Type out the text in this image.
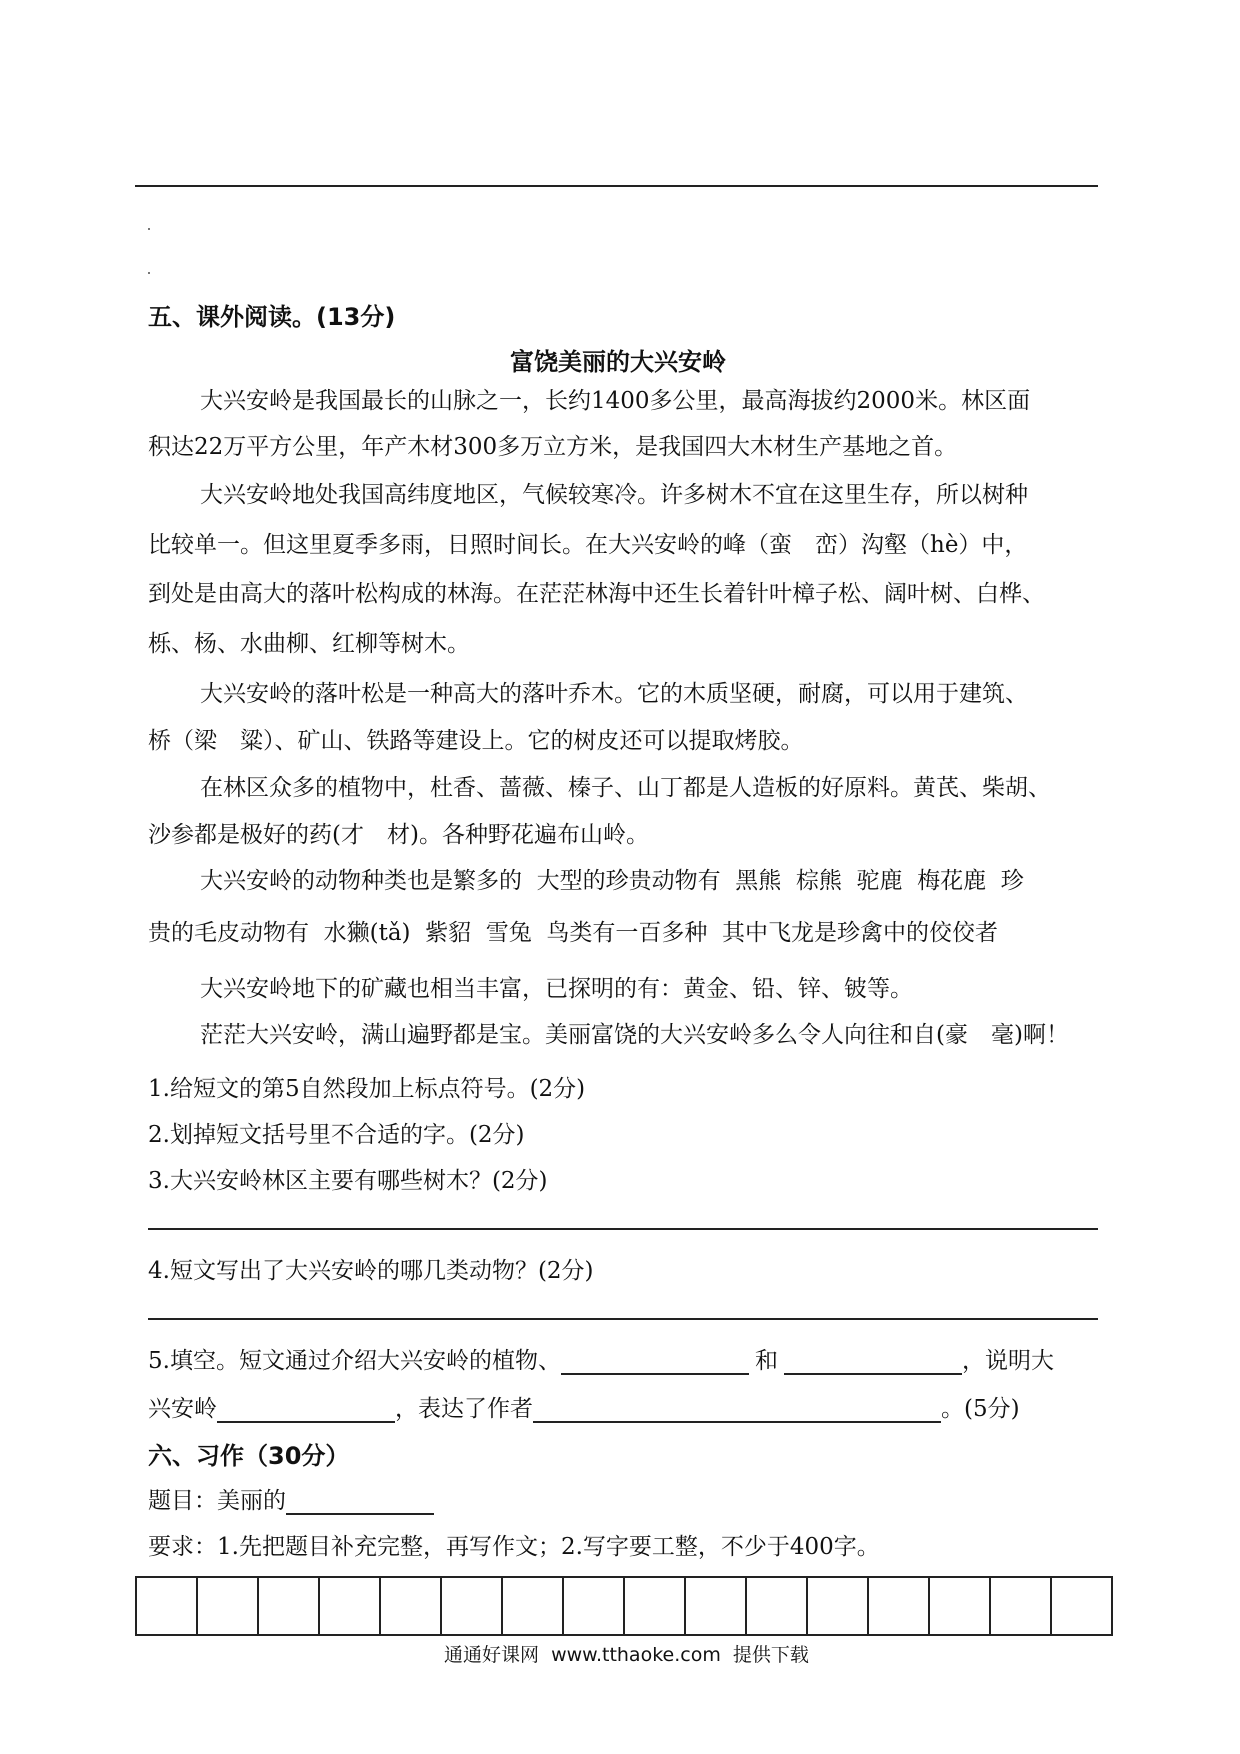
五、课外阅读。(13分)
富饶美丽的大兴安岭
大兴安岭是我国最长的山脉之一，长约1400多公里，最高海拔约2000米。林区面
积达22万平方公里，年产木材300多万立方米，是我国四大木材生产基地之首。
大兴安岭地处我国高纬度地区，气候较寒冷。许多树木不宜在这里生存，所以树种
比较单一。但这里夏季多雨，日照时间长。在大兴安岭的峰（蛮　峦）沟壑（hè）中，
到处是由高大的落叶松构成的林海。在茫茫林海中还生长着针叶樟子松、阔叶树、白桦、
栎、杨、水曲柳、红柳等树木。
大兴安岭的落叶松是一种高大的落叶乔木。它的木质坚硬，耐腐，可以用于建筑、
桥（梁　粱）、矿山、铁路等建设上。它的树皮还可以提取烤胶。
在林区众多的植物中，杜香、蔷薇、榛子、山丁都是人造板的好原料。黄芪、柴胡、
沙参都是极好的药(才　材)。各种野花遍布山岭。
大兴安岭的动物种类也是繁多的  大型的珍贵动物有  黑熊  棕熊  驼鹿  梅花鹿  珍
贵的毛皮动物有  水獭(tǎ)  紫貂  雪兔  鸟类有一百多种  其中飞龙是珍禽中的佼佼者
大兴安岭地下的矿藏也相当丰富，已探明的有：黄金、铅、锌、铍等。
茫茫大兴安岭，满山遍野都是宝。美丽富饶的大兴安岭多么令人向往和自(豪　毫)啊！
1.给短文的第5自然段加上标点符号。(2分)
2.划掉短文括号里不合适的字。(2分)
3.大兴安岭林区主要有哪些树木？(2分)
4.短文写出了大兴安岭的哪几类动物？(2分)
5.填空。短文通过介绍大兴安岭的植物、	和	，说明大
兴安岭	，表达了作者	。(5分)
六、习作（30分）
题目：美丽的
要求：1.先把题目补充完整，再写作文；2.写字要工整，不少于400字。
通通好课网  www.tthaoke.com  提供下载
